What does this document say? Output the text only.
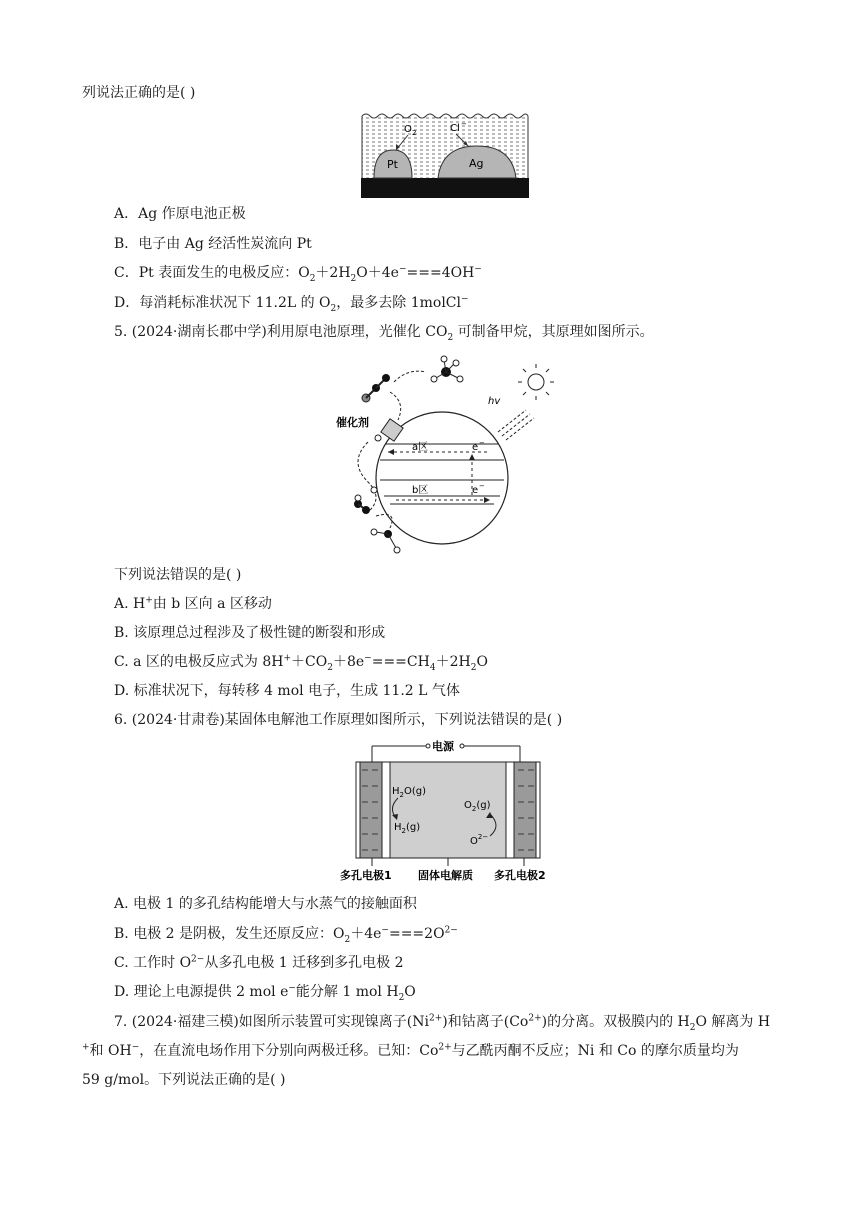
列说法正确的是( )
Pt	Ag
O 2	Cl −
A．Ag 作原电池正极
B．电子由 Ag 经活性炭流向 Pt
C．Pt 表面发生的电极反应：$O_2+2H_2O+4e^-===4OH^-$
D．每消耗标准状况下 11.2L 的 $O_2$，最多去除 1molCl−
5. (2024·湖南长郡中学)利用原电池原理，光催化 $CO_2$ 可制备甲烷，其原理如图所示。
a区
b区
e −
e −
催化剂
hv
下列说法错误的是( )
A. H+由 b 区向 a 区移动
B. 该原理总过程涉及了极性键的断裂和形成
C. a 区的电极反应式为 $8H^++CO_2+8e^-===CH_4+2H_2O$
D. 标准状况下，每转移 4 mol 电子，生成 11.2 L 气体
6. (2024·甘肃卷)某固体电解池工作原理如图所示，下列说法错误的是( )
电源
$H_2O(g)$
$H_2(g)$
$O_2(g)$
$O^{2-}$
多孔电极1 固体电解质 多孔电极2
A. 电极 1 的多孔结构能增大与水蒸气的接触面积
B. 电极 2 是阴极，发生还原反应：$O_2+4e^-===2O^{2-}$
C. 工作时 $O^{2-}$从多孔电极 1 迁移到多孔电极 2
D. 理论上电源提供 2 mol e−能分解 1 mol $H_2O$
7. (2024·福建三模)如图所示装置可实现镍离子$(Ni^{2+})$和钴离子$(Co^{2+})$的分离。双极膜内的 $H_2O$ 解离为 H
+和 OH−，在直流电场作用下分别向两极迁移。已知：$Co^{2+}$与乙酰丙酮不反应；Ni 和 Co 的摩尔质量均为
59 g/mol。下列说法正确的是( )
